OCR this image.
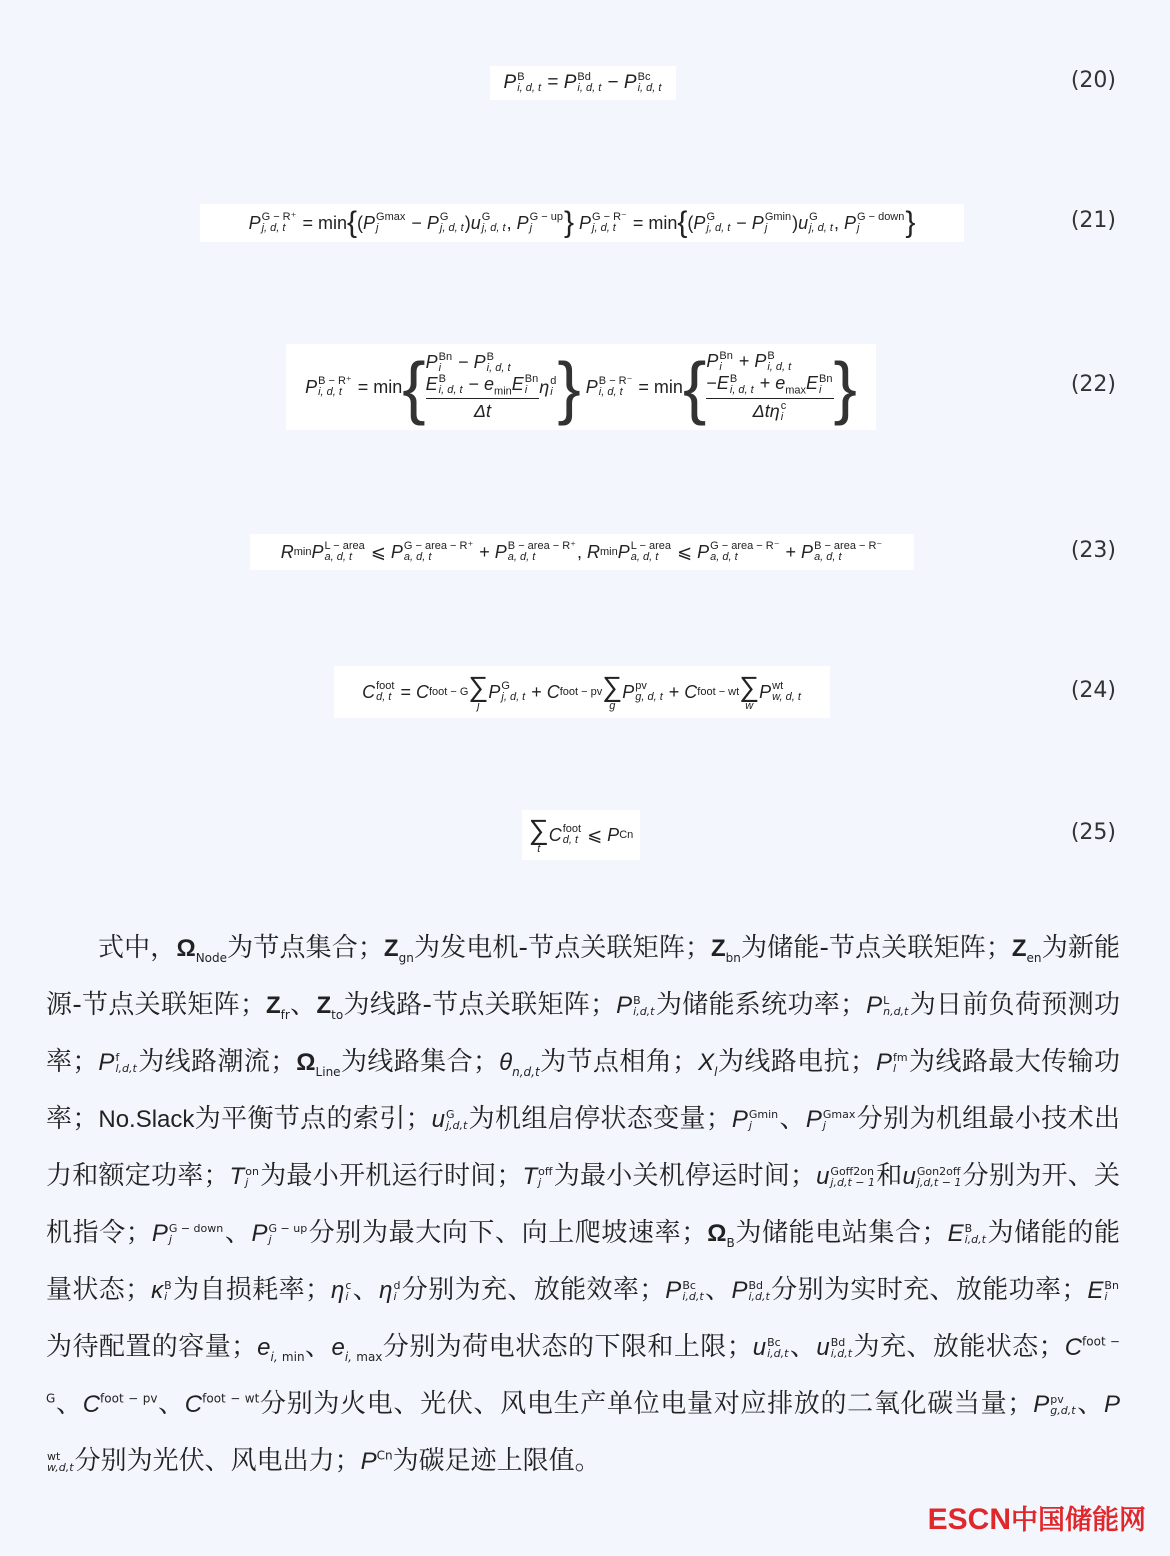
P B
i, d, t = P Bd
i, d, t − P Bc
i, d, t	(20)
P G − R⁺
j, d, t = min { ( P Gmax
j	− P G
j, d, t ) u G
j, d, t , P G − up
j	}
P G − R⁻
j, d, t = min { ( P G
j, d, t − P Gmin
j	) u G
j, d, t , P G − down
j	}	(21)
P B − R⁺
i, d, t = min { P Bn
i − P B
i, d, t
E B
i, d, $t - e_{min}E$ Bn
i
Δt η d
i }
P B − R⁻
i, d, t = min { P Bn
i + P B
i, d, t
−E B
i, d, $t + e_{max}E$ Bn
i
Δtη c
i }	(22)
R min P L − area
a, d, t ⩽ P G − area − R⁺
a, d, t	+ P B − area − R⁺
a, d, t	, R min P L − area
a, d, t ⩽ P G − area − R⁻
a, d, t	+ P B − area − R⁻
a, d, t	(23)
C foot
d, t = C foot − G ∑
j
P G
j, d, t + C foot − pv ∑
g
P pv
g, d, t + C foot − wt ∑
w
P wt
w, d, t	(24)
∑
t
C foot
d, t ⩽ P Cn	(25)
式中，$\Omega_{Node}$为节点集合；$Z_{gn}$为发电机-节点关联矩阵；$Z_{bn}$为储能-节点关联矩阵；$Z_{en}$为新能源-节点关联矩阵；$Z_{fr}$、$Z_{to}$为线路-节点关联矩阵；P B
i,d,t 为储能系统功率；P L
n,d,t 为日前负荷预测功率；P f
l,d,t 为线路潮流；$\Omega_{Line}$为线路集合；$\theta_{n,d,t}$为节点相角；$X_l$为线路电抗；P fm
l 为线路最大传输功率；No.Slack为平衡节点的索引；u G
j,d,t 为机组启停状态变量；P Gmin
j	、P Gmax
j	分别为机组最小技术出力和额定功率；T on
j 为最小开机运行时间；T off
j 为最小关机停运时间；u Goff2on
j,d,t − 1 和u Gon2off
j,d,t − 1 分别为开、关机指令；P G − down
j	、P G − up
j	分别为最大向下、向上爬坡速率；$\Omega_B$为储能电站集合；E B
i,d,t 为储能的能量状态；κ B
i 为自损耗率；η c
i 、η d
i 分别为充、放能效率；P Bc
i,d,t 、P Bd
i,d,t 分别为实时充、放能功率；E Bn
i
为待配置的容量；$e_{i, min}$、$e_{i, max}$分别为荷电状态的下限和上限；u Bc
i,d,t 、u Bd
i,d,t 为充、放能状态；$C^{foot - G}$、$C^{foot - pv}$、$C^{foot - wt}$分别为火电、光伏、风电生产单位电量对应排放的二氧化碳当量；P pv
g,d,t 、P
wt
w,d,t 分别为光伏、风电出力；$P^{Cn}$为碳足迹上限值。
ESCN中国储能网
